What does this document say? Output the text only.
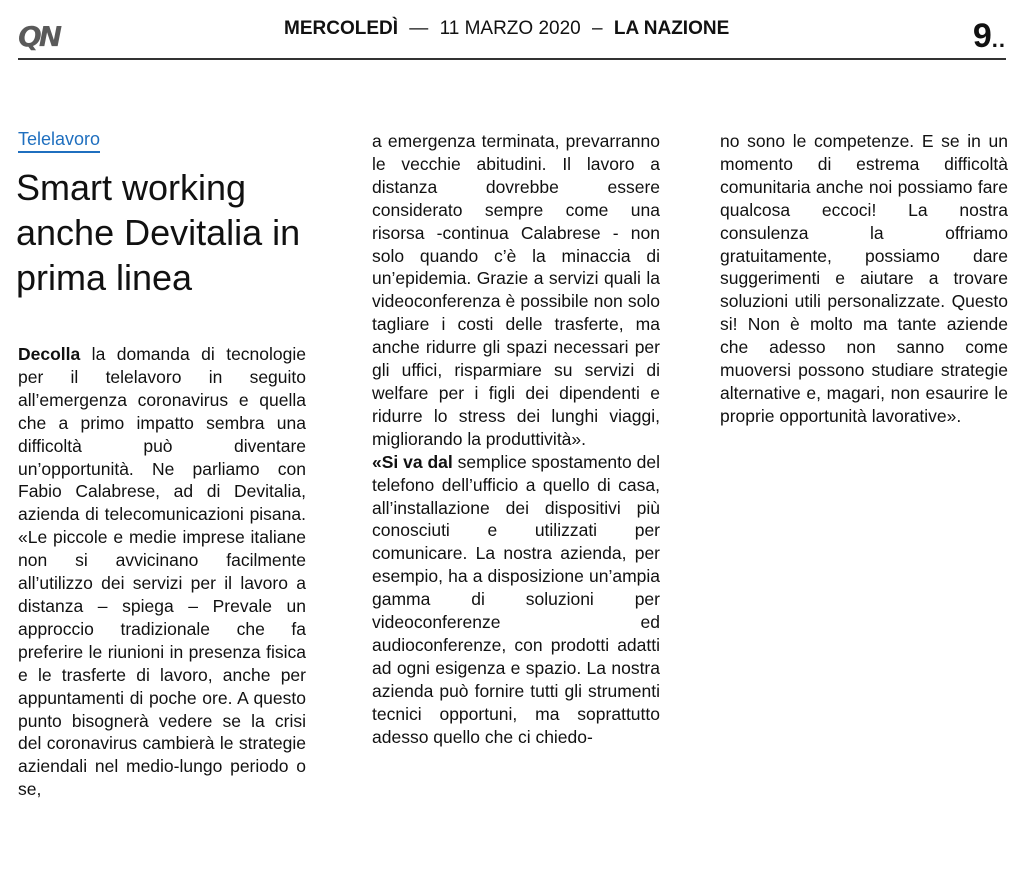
QN	MERCOLEDÌ — 11 MARZO 2020 – LA NAZIONE	9..
Telelavoro
Smart working anche Devitalia in prima linea

Decolla la domanda di tecnologie per il telelavoro in seguito all’emergenza coronavirus e quella che a primo impatto sembra una difficoltà può diventare un’opportunità. Ne parliamo con Fabio Calabrese, ad di Devitalia, azienda di telecomunicazioni pisana. «Le piccole e medie imprese italiane non si avvicinano facilmente all’utilizzo dei servizi per il lavoro a distanza – spiega – Prevale un approccio tradizionale che fa preferire le riunioni in presenza fisica e le trasferte di lavoro, anche per appuntamenti di poche ore. A questo punto bisognerà vedere se la crisi del coronavirus cambierà le strategie aziendali nel medio-lungo periodo o se,

a emergenza terminata, prevarranno le vecchie abitudini. Il lavoro a distanza dovrebbe essere considerato sempre come una risorsa -continua Calabrese - non solo quando c’è la minaccia di un’epidemia. Grazie a servizi quali la videoconferenza è possibile non solo tagliare i costi delle trasferte, ma anche ridurre gli spazi necessari per gli uffici, risparmiare su servizi di welfare per i figli dei dipendenti e ridurre lo stress dei lunghi viaggi, migliorando la produttività».

«Si va dal semplice spostamento del telefono dell’ufficio a quello di casa, all’installazione dei dispositivi più conosciuti e utilizzati per comunicare. La nostra azienda, per esempio, ha a disposizione un’ampia gamma di soluzioni per videoconferenze ed audioconferenze, con prodotti adatti ad ogni esigenza e spazio. La nostra azienda può fornire tutti gli strumenti tecnici opportuni, ma soprattutto adesso quello che ci chiedo-

no sono le competenze. E se in un momento di estrema difficoltà comunitaria anche noi possiamo fare qualcosa eccoci! La nostra consulenza la offriamo gratuitamente, possiamo dare suggerimenti e aiutare a trovare soluzioni utili personalizzate. Questo si! Non è molto ma tante aziende che adesso non sanno come muoversi possono studiare strategie alternative e, magari, non esaurire le proprie opportunità lavorative».
